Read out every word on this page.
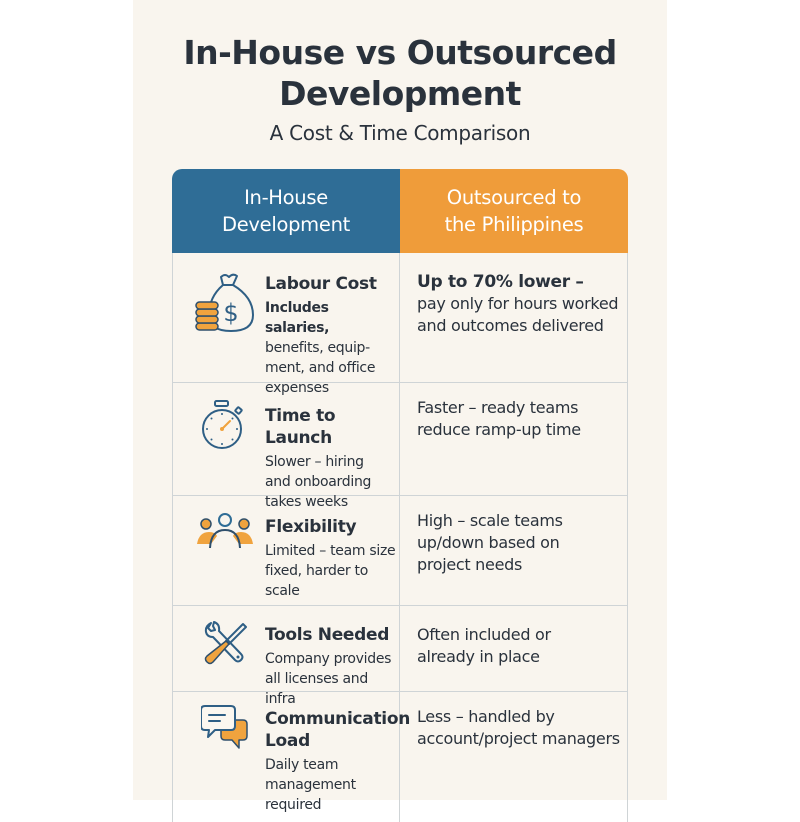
In-House vs Outsourced
Development
A Cost & Time Comparison
In-House
Development
Outsourced to
the Philippines
$
Labour Cost
Includes salaries,
benefits, equip-
ment, and office
expenses
Up to 70% lower –
pay only for hours worked
and outcomes delivered
Time to Launch
Slower – hiring
and onboarding
takes weeks
Faster – ready teams
reduce ramp-up time
Flexibility
Limited – team size
fixed, harder to
scale
High – scale teams
up/down based on
project needs
Tools Needed
Company provides
all licenses and infra
Often included or
already in place
Communication
Load
Daily team
management
required
Less – handled by
account/project managers
